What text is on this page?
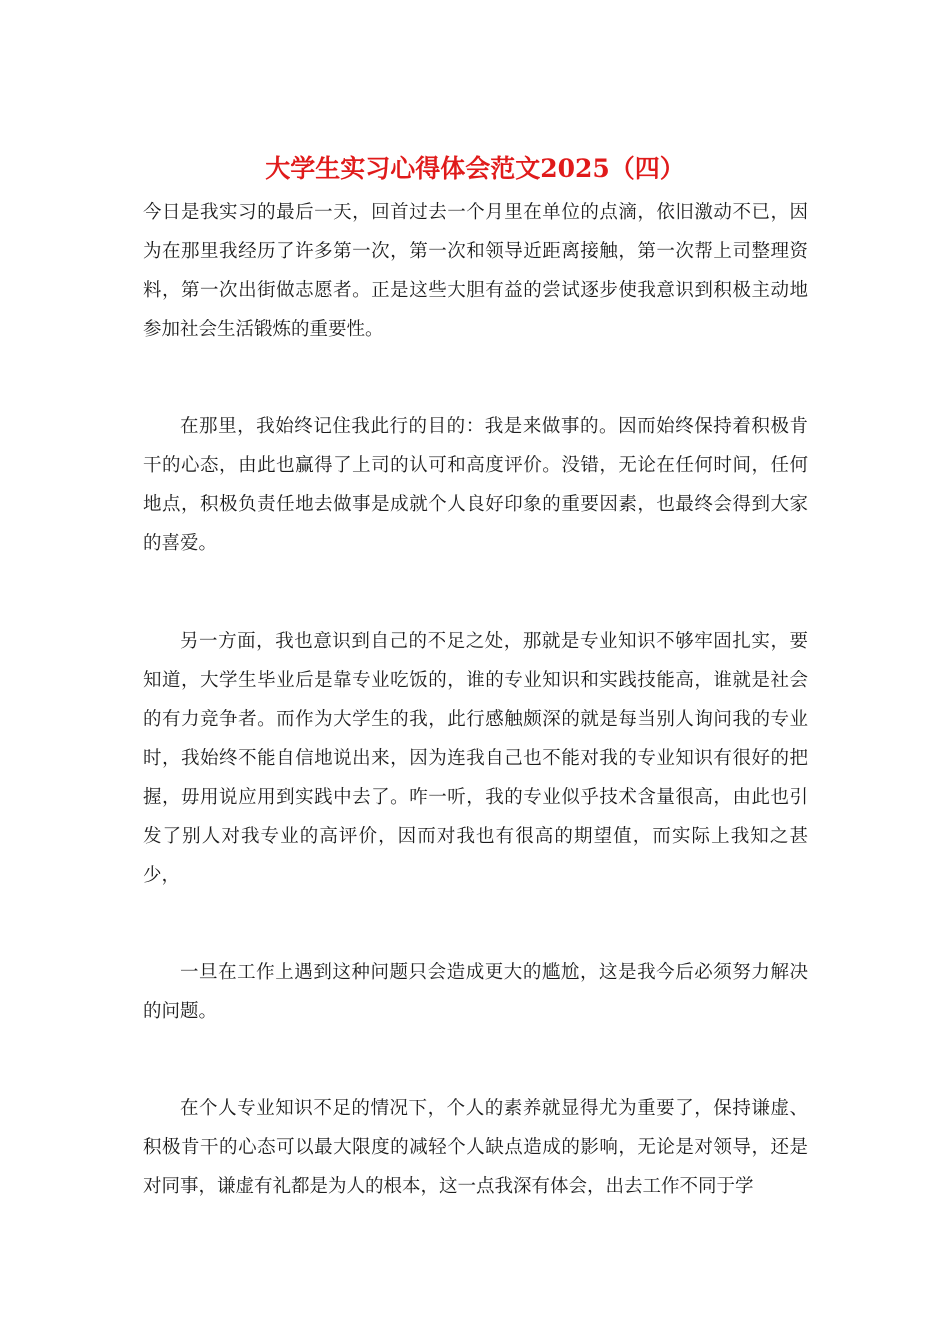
大学生实习心得体会范文2025（四）

今日是我实习的最后一天，回首过去一个月里在单位的点滴，依旧激动不已，因为在那里我经历了许多第一次，第一次和领导近距离接触，第一次帮上司整理资料，第一次出街做志愿者。正是这些大胆有益的尝试逐步使我意识到积极主动地参加社会生活锻炼的重要性。

在那里，我始终记住我此行的目的：我是来做事的。因而始终保持着积极肯干的心态，由此也赢得了上司的认可和高度评价。没错，无论在任何时间，任何地点，积极负责任地去做事是成就个人良好印象的重要因素，也最终会得到大家的喜爱。

另一方面，我也意识到自己的不足之处，那就是专业知识不够牢固扎实，要知道，大学生毕业后是靠专业吃饭的，谁的专业知识和实践技能高，谁就是社会的有力竞争者。而作为大学生的我，此行感触颇深的就是每当别人询问我的专业时，我始终不能自信地说出来，因为连我自己也不能对我的专业知识有很好的把握，毋用说应用到实践中去了。咋一听，我的专业似乎技术含量很高，由此也引发了别人对我专业的高评价，因而对我也有很高的期望值，而实际上我知之甚少，

一旦在工作上遇到这种问题只会造成更大的尴尬，这是我今后必须努力解决的问题。

在个人专业知识不足的情况下，个人的素养就显得尤为重要了，保持谦虚、积极肯干的心态可以最大限度的减轻个人缺点造成的影响，无论是对领导，还是对同事，谦虚有礼都是为人的根本，这一点我深有体会，出去工作不同于学
